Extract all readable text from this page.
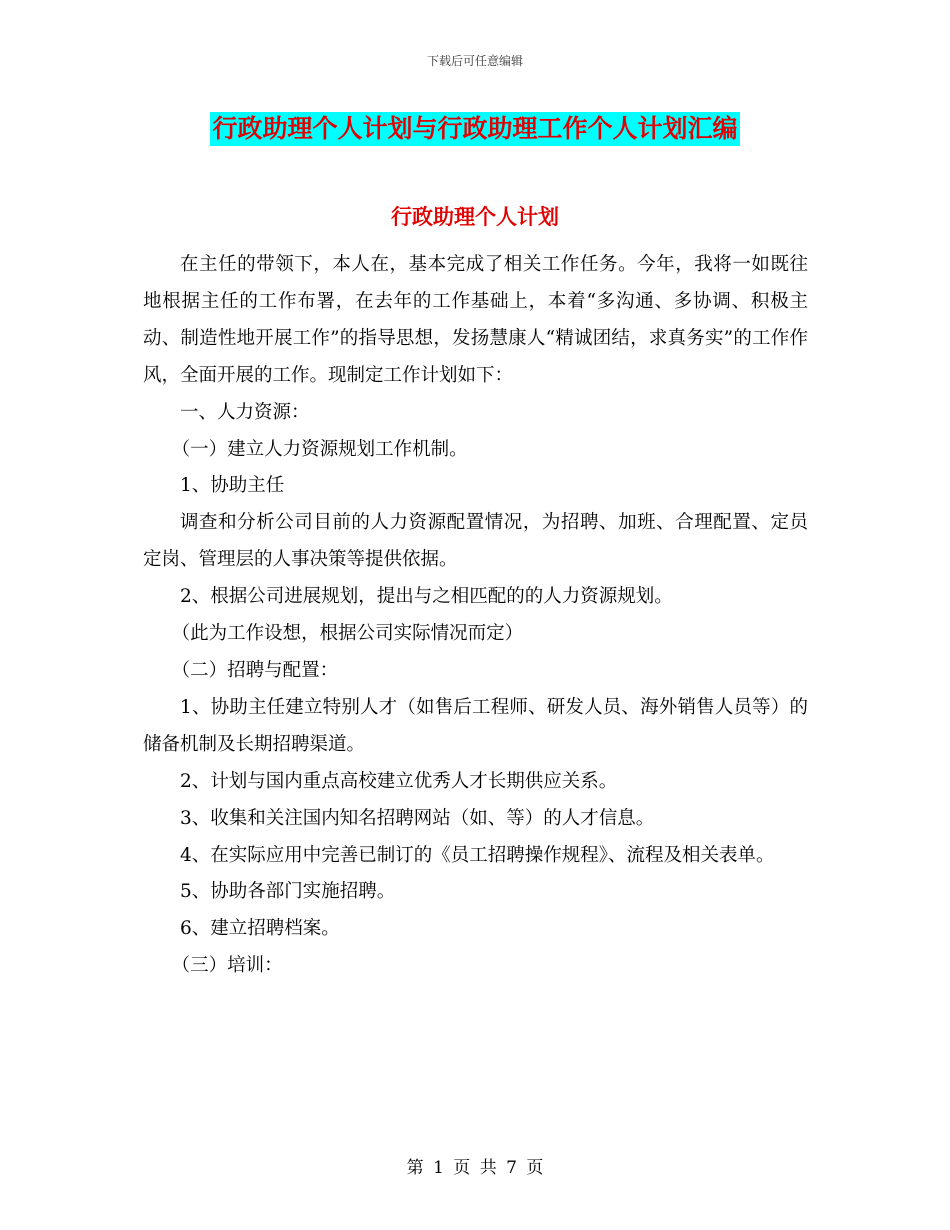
下载后可任意编辑
行政助理个人计划与行政助理工作个人计划汇编
行政助理个人计划

在主任的带领下，本人在，基本完成了相关工作任务。今年，我将一如既往地根据主任的工作布署，在去年的工作基础上，本着“多沟通、多协调、积极主动、制造性地开展工作”的指导思想，发扬慧康人“精诚团结，求真务实”的工作作风，全面开展的工作。现制定工作计划如下：

一、人力资源：

（一）建立人力资源规划工作机制。

1、协助主任

调查和分析公司目前的人力资源配置情况，为招聘、加班、合理配置、定员定岗、管理层的人事决策等提供依据。

2、根据公司进展规划，提出与之相匹配的的人力资源规划。

（此为工作设想，根据公司实际情况而定）

（二）招聘与配置：

1、协助主任建立特别人才（如售后工程师、研发人员、海外销售人员等）的储备机制及长期招聘渠道。

2、计划与国内重点高校建立优秀人才长期供应关系。

3、收集和关注国内知名招聘网站（如、等）的人才信息。

4、在实际应用中完善已制订的《员工招聘操作规程》、流程及相关表单。

5、协助各部门实施招聘。

6、建立招聘档案。

（三）培训：

第 1 页 共 7 页
